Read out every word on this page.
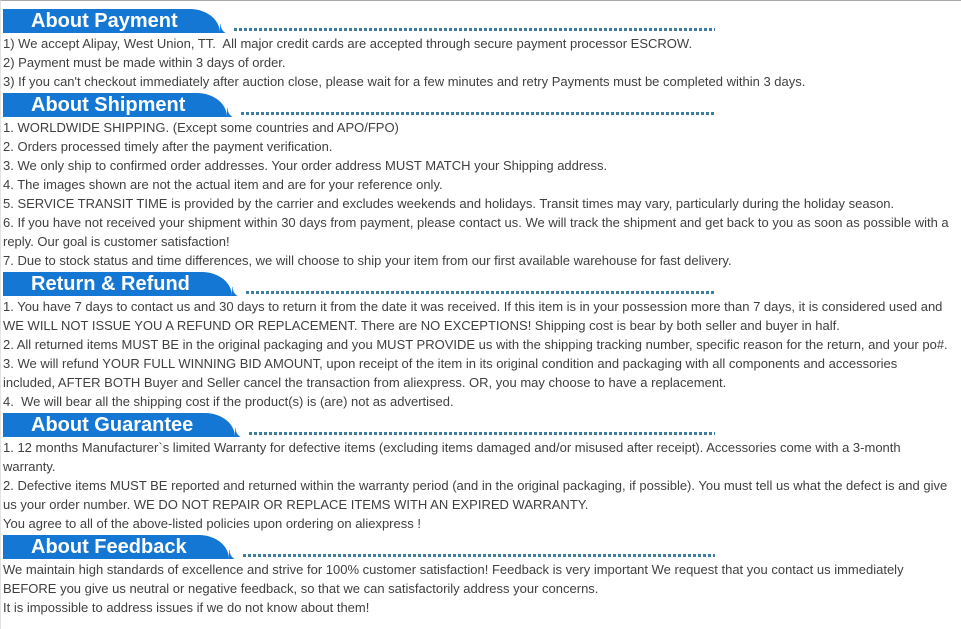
About Payment
1) We accept Alipay, West Union, TT.  All major credit cards are accepted through secure payment processor ESCROW.
2) Payment must be made within 3 days of order.
3) If you can't checkout immediately after auction close, please wait for a few minutes and retry Payments must be completed within 3 days.
About Shipment
1. WORLDWIDE SHIPPING. (Except some countries and APO/FPO)
2. Orders processed timely after the payment verification.
3. We only ship to confirmed order addresses. Your order address MUST MATCH your Shipping address.
4. The images shown are not the actual item and are for your reference only.
5. SERVICE TRANSIT TIME is provided by the carrier and excludes weekends and holidays. Transit times may vary, particularly during the holiday season.
6. If you have not received your shipment within 30 days from payment, please contact us. We will track the shipment and get back to you as soon as possible with a reply. Our goal is customer satisfaction!
7. Due to stock status and time differences, we will choose to ship your item from our first available warehouse for fast delivery.
Return & Refund
1. You have 7 days to contact us and 30 days to return it from the date it was received. If this item is in your possession more than 7 days, it is considered used and WE WILL NOT ISSUE YOU A REFUND OR REPLACEMENT. There are NO EXCEPTIONS! Shipping cost is bear by both seller and buyer in half.
2. All returned items MUST BE in the original packaging and you MUST PROVIDE us with the shipping tracking number, specific reason for the return, and your po#.
3. We will refund YOUR FULL WINNING BID AMOUNT, upon receipt of the item in its original condition and packaging with all components and accessories included, AFTER BOTH Buyer and Seller cancel the transaction from aliexpress. OR, you may choose to have a replacement.
4.  We will bear all the shipping cost if the product(s) is (are) not as advertised.
About Guarantee
1. 12 months Manufacturer`s limited Warranty for defective items (excluding items damaged and/or misused after receipt). Accessories come with a 3-month warranty.
2. Defective items MUST BE reported and returned within the warranty period (and in the original packaging, if possible). You must tell us what the defect is and give us your order number. WE DO NOT REPAIR OR REPLACE ITEMS WITH AN EXPIRED WARRANTY.
You agree to all of the above-listed policies upon ordering on aliexpress !
About Feedback
We maintain high standards of excellence and strive for 100% customer satisfaction! Feedback is very important We request that you contact us immediately BEFORE you give us neutral or negative feedback, so that we can satisfactorily address your concerns.
It is impossible to address issues if we do not know about them!
